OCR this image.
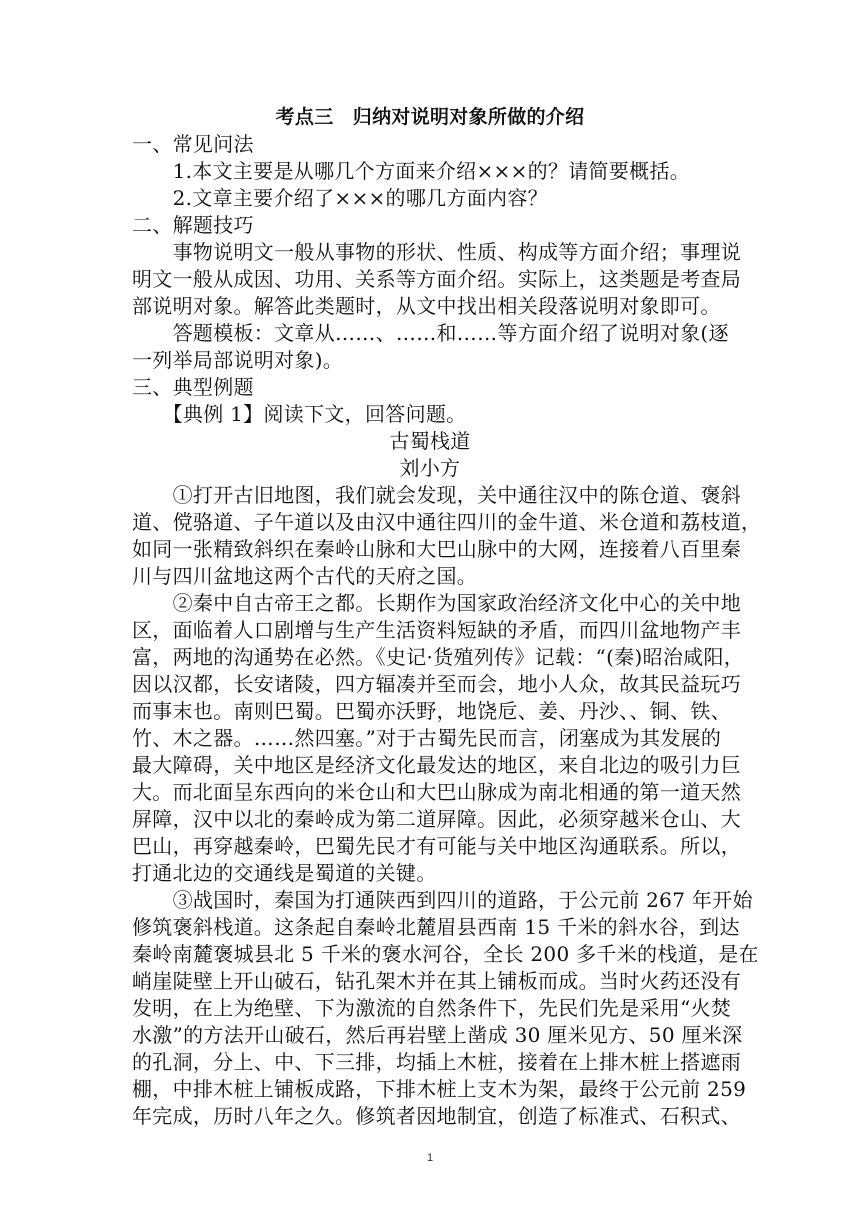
考点三　归纳对说明对象所做的介绍
一、常见问法
　　1.本文主要是从哪几个方面来介绍×××的？请简要概括。
　　2.文章主要介绍了×××的哪几方面内容？
二、解题技巧
　　事物说明文一般从事物的形状、性质、构成等方面介绍；事理说
明文一般从成因、功用、关系等方面介绍。实际上，这类题是考查局
部说明对象。解答此类题时，从文中找出相关段落说明对象即可。
　　答题模板：文章从……、……和……等方面介绍了说明对象(逐
一列举局部说明对象)。
三、典型例题
　　【典例 1】阅读下文，回答问题。
古蜀栈道
刘小方
　　①打开古旧地图，我们就会发现，关中通往汉中的陈仓道、褒斜
道、傥骆道、子午道以及由汉中通往四川的金牛道、米仓道和荔枝道，
如同一张精致斜织在秦岭山脉和大巴山脉中的大网，连接着八百里秦
川与四川盆地这两个古代的天府之国。
　　②秦中自古帝王之都。长期作为国家政治经济文化中心的关中地
区，面临着人口剧增与生产生活资料短缺的矛盾，而四川盆地物产丰
富，两地的沟通势在必然。《史记·货殖列传》记载：“(秦)昭治咸阳，
因以汉都，长安诸陵，四方辐凑并至而会，地小人众，故其民益玩巧
而事末也。南则巴蜀。巴蜀亦沃野，地饶卮、姜、丹沙、、铜、铁、
竹、木之器。……然四塞。”对于古蜀先民而言，闭塞成为其发展的
最大障碍，关中地区是经济文化最发达的地区，来自北边的吸引力巨
大。而北面呈东西向的米仓山和大巴山脉成为南北相通的第一道天然
屏障，汉中以北的秦岭成为第二道屏障。因此，必须穿越米仓山、大
巴山，再穿越秦岭，巴蜀先民才有可能与关中地区沟通联系。所以，
打通北边的交通线是蜀道的关键。
　　③战国时，秦国为打通陕西到四川的道路，于公元前 267 年开始
修筑褒斜栈道。这条起自秦岭北麓眉县西南 15 千米的斜水谷，到达
秦岭南麓褒城县北 5 千米的褒水河谷，全长 200 多千米的栈道，是在
峭崖陡壁上开山破石，钻孔架木并在其上铺板而成。当时火药还没有
发明，在上为绝壁、下为激流的自然条件下，先民们先是采用“火焚
水激”的方法开山破石，然后再岩壁上凿成 30 厘米见方、50 厘米深
的孔洞，分上、中、下三排，均插上木桩，接着在上排木桩上搭遮雨
棚，中排木桩上铺板成路，下排木桩上支木为架，最终于公元前 259
年完成，历时八年之久。修筑者因地制宜，创造了标准式、石积式、
1
